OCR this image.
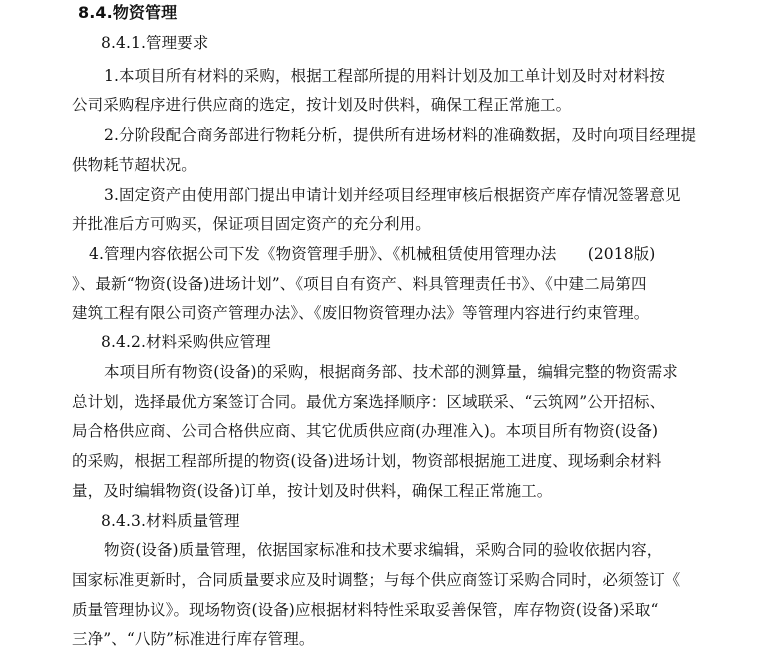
8.4.物资管理
8.4.1.管理要求
1.本项目所有材料的采购，根据工程部所提的用料计划及加工单计划及时对材料按
公司采购程序进行供应商的选定，按计划及时供料，确保工程正常施工。
2.分阶段配合商务部进行物耗分析，提供所有进场材料的准确数据，及时向项目经理提
供物耗节超状况。
3.固定资产由使用部门提出申请计划并经项目经理审核后根据资产库存情况签署意见
并批准后方可购买，保证项目固定资产的充分利用。
4.管理内容依据公司下发《物资管理手册》、《机械租赁使用管理办法　　(2018版)
》、最新“物资(设备)进场计划”、《项目自有资产、料具管理责任书》、《中建二局第四
建筑工程有限公司资产管理办法》、《废旧物资管理办法》等管理内容进行约束管理。
8.4.2.材料采购供应管理
本项目所有物资(设备)的采购，根据商务部、技术部的测算量，编辑完整的物资需求
总计划，选择最优方案签订合同。最优方案选择顺序：区域联采、“云筑网”公开招标、
局合格供应商、公司合格供应商、其它优质供应商(办理准入)。本项目所有物资(设备)
的采购，根据工程部所提的物资(设备)进场计划，物资部根据施工进度、现场剩余材料
量，及时编辑物资(设备)订单，按计划及时供料，确保工程正常施工。
8.4.3.材料质量管理
物资(设备)质量管理，依据国家标准和技术要求编辑，采购合同的验收依据内容，
国家标准更新时，合同质量要求应及时调整；与每个供应商签订采购合同时，必须签订《
质量管理协议》。现场物资(设备)应根据材料特性采取妥善保管，库存物资(设备)采取“
三净”、“八防”标准进行库存管理。
